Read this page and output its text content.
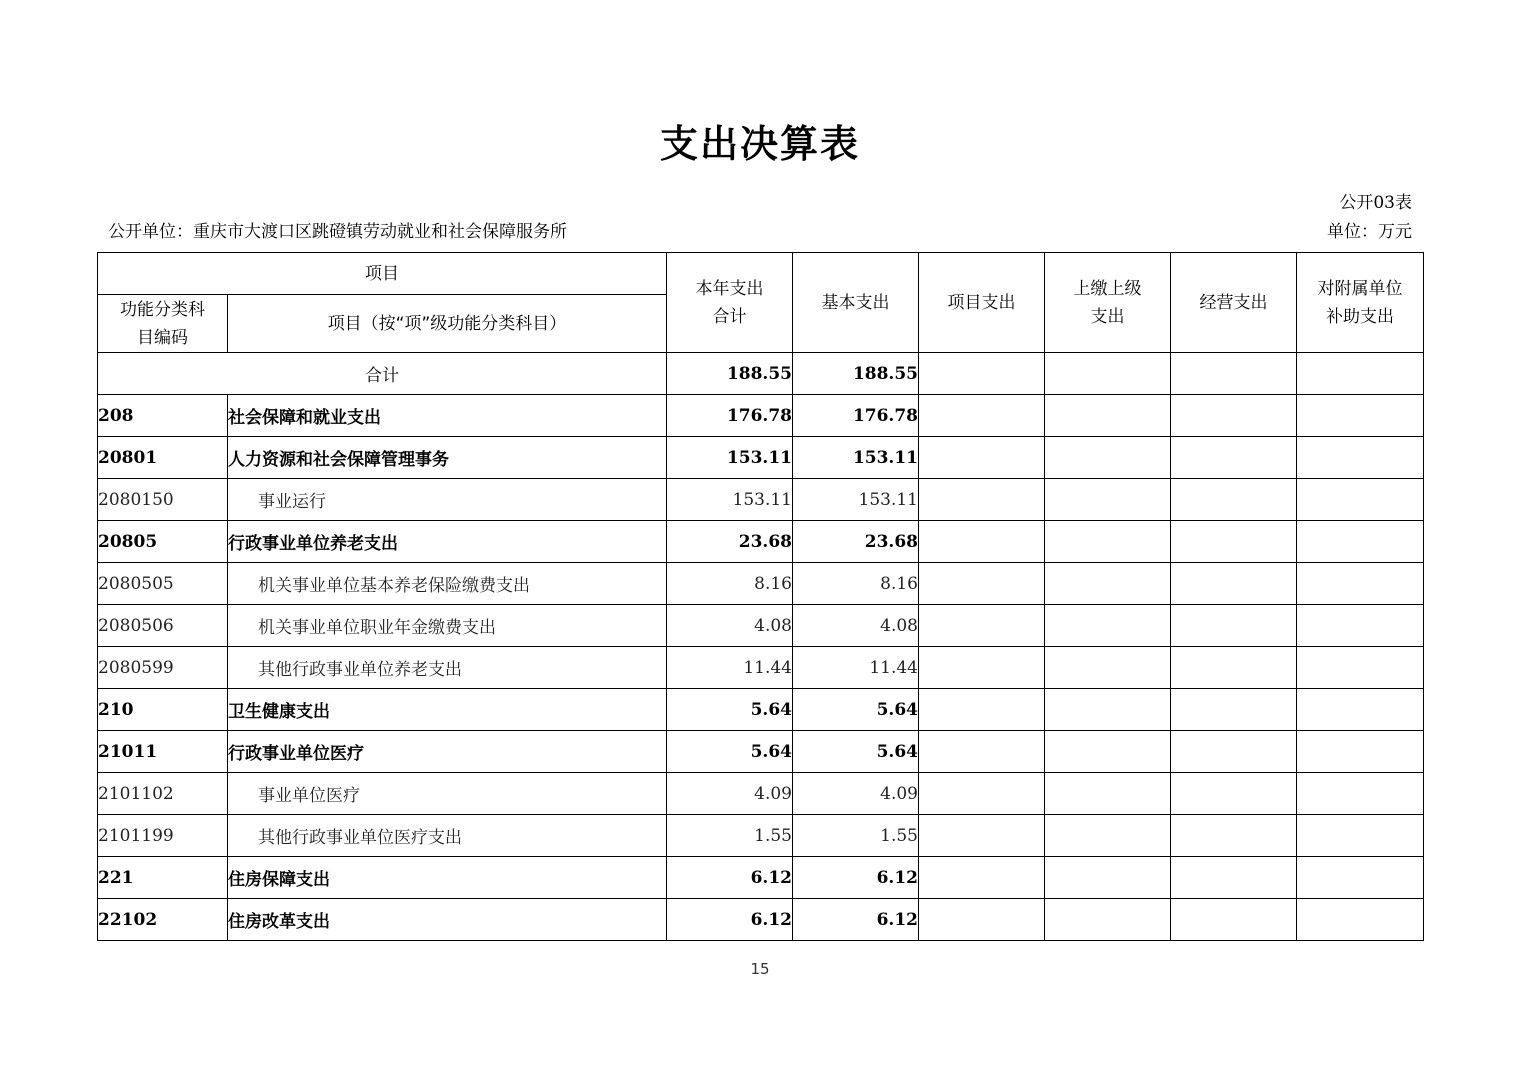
支出决算表
公开03表
公开单位：重庆市大渡口区跳磴镇劳动就业和社会保障服务所	单位：万元
项目		本年支出合计	基本支出	项目支出	上缴上级支出	经营支出	对附属单位补助支出

功能分类科目编码	项目（按“项”级功能分类科目）						

合计		188.55	188.55				
208	社会保障和就业支出	176.78	176.78				
20801	人力资源和社会保障管理事务	153.11	153.11				
2080150	事业运行	153.11	153.11				
20805	行政事业单位养老支出	23.68	23.68				
2080505	机关事业单位基本养老保险缴费支出	8.16	8.16				
2080506	机关事业单位职业年金缴费支出	4.08	4.08				
2080599	其他行政事业单位养老支出	11.44	11.44				
210	卫生健康支出	5.64	5.64				
21011	行政事业单位医疗	5.64	5.64				
2101102	事业单位医疗	4.09	4.09				
2101199	其他行政事业单位医疗支出	1.55	1.55				
221	住房保障支出	6.12	6.12				
22102	住房改革支出	6.12	6.12				
15
